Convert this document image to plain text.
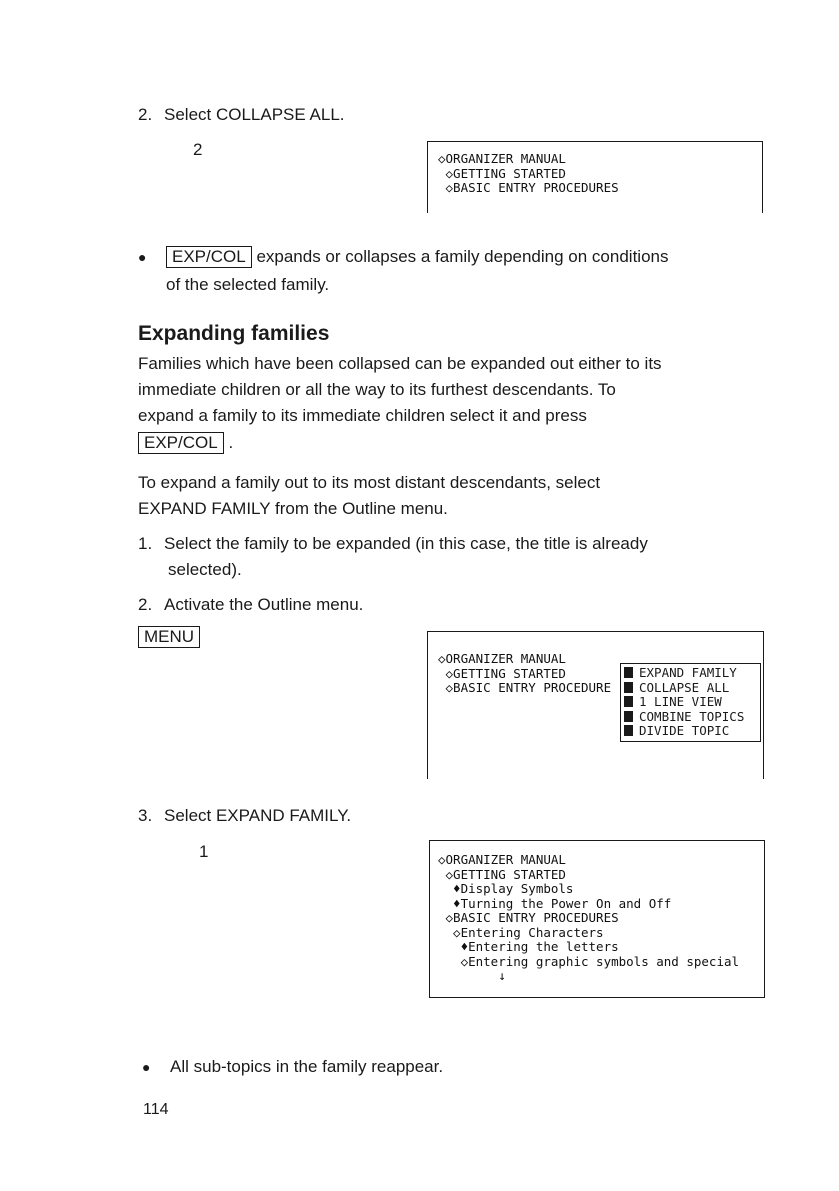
2. Select COLLAPSE ALL.
2	◇ORGANIZER MANUAL
◇GETTING STARTED
◇BASIC ENTRY PROCEDURES
● EXP/COL expands or collapses a family depending on conditions
of the selected family.
Expanding families
Families which have been collapsed can be expanded out either to its
immediate children or all the way to its furthest descendants. To
expand a family to its immediate children select it and press
EXP/COL .
To expand a family out to its most distant descendants, select
EXPAND FAMILY from the Outline menu.
1. Select the family to be expanded (in this case, the title is already
selected).
2. Activate the Outline menu.
MENU
◇ORGANIZER MANUAL
◇GETTING STARTED
◇BASIC ENTRY PROCEDURE
EXPAND FAMILY
COLLAPSE ALL
1 LINE VIEW
COMBINE TOPICS
DIVIDE TOPIC
3. Select EXPAND FAMILY.
1	◇ORGANIZER MANUAL
◇GETTING STARTED
♦Display Symbols
♦Turning the Power On and Off
◇BASIC ENTRY PROCEDURES
◇Entering Characters
♦Entering the letters
◇Entering graphic symbols and special
↓
● All sub-topics in the family reappear.
114
